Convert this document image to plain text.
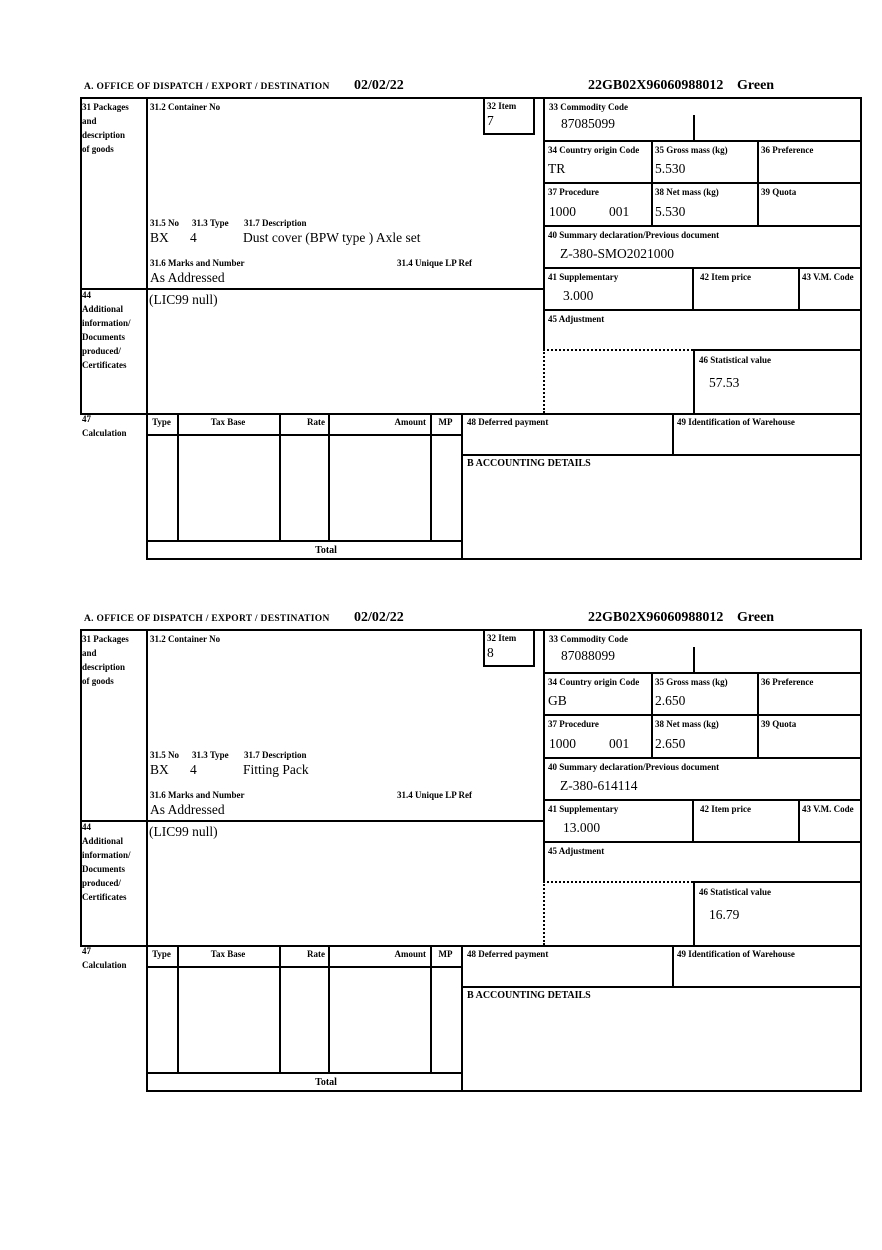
A. OFFICE OF DISPATCH / EXPORT / DESTINATION 02/02/22	22GB02X96060988012 Green
31 Packages
and
description
of goods
44
Additional
information/
Documents
produced/
Certificates
47
Calculation
31.2 Container No	32 Item
7
31.5 No 31.3 Type 31.7 Description
BX 4	Dust cover (BPW type ) Axle set
31.6 Marks and Number	31.4 Unique LP Ref
As Addressed
(LIC99 null)
33 Commodity Code
87085099
34 Country origin Code
TR
35 Gross mass (kg)
5.530
36 Preference
37 Procedure
1000 001
38 Net mass (kg)
5.530
39 Quota
40 Summary declaration/Previous document
Z-380-SMO2021000
41 Supplementary
3.000
42 Item price	43 V.M. Code
45 Adjustment
46 Statistical value
57.53
Type	Tax Base	Rate	Amount	MP
Total
48 Deferred payment	49 Identification of Warehouse
B ACCOUNTING DETAILS
A. OFFICE OF DISPATCH / EXPORT / DESTINATION 02/02/22	22GB02X96060988012 Green
31 Packages
and
description
of goods
44
Additional
information/
Documents
produced/
Certificates
47
Calculation
31.2 Container No	32 Item
8
31.5 No 31.3 Type 31.7 Description
BX 4	Fitting Pack
31.6 Marks and Number	31.4 Unique LP Ref
As Addressed
(LIC99 null)
33 Commodity Code
87088099
34 Country origin Code
GB
35 Gross mass (kg)
2.650
36 Preference
37 Procedure
1000 001
38 Net mass (kg)
2.650
39 Quota
40 Summary declaration/Previous document
Z-380-614114
41 Supplementary
13.000
42 Item price	43 V.M. Code
45 Adjustment
46 Statistical value
16.79
Type	Tax Base	Rate	Amount	MP
Total
48 Deferred payment	49 Identification of Warehouse
B ACCOUNTING DETAILS
